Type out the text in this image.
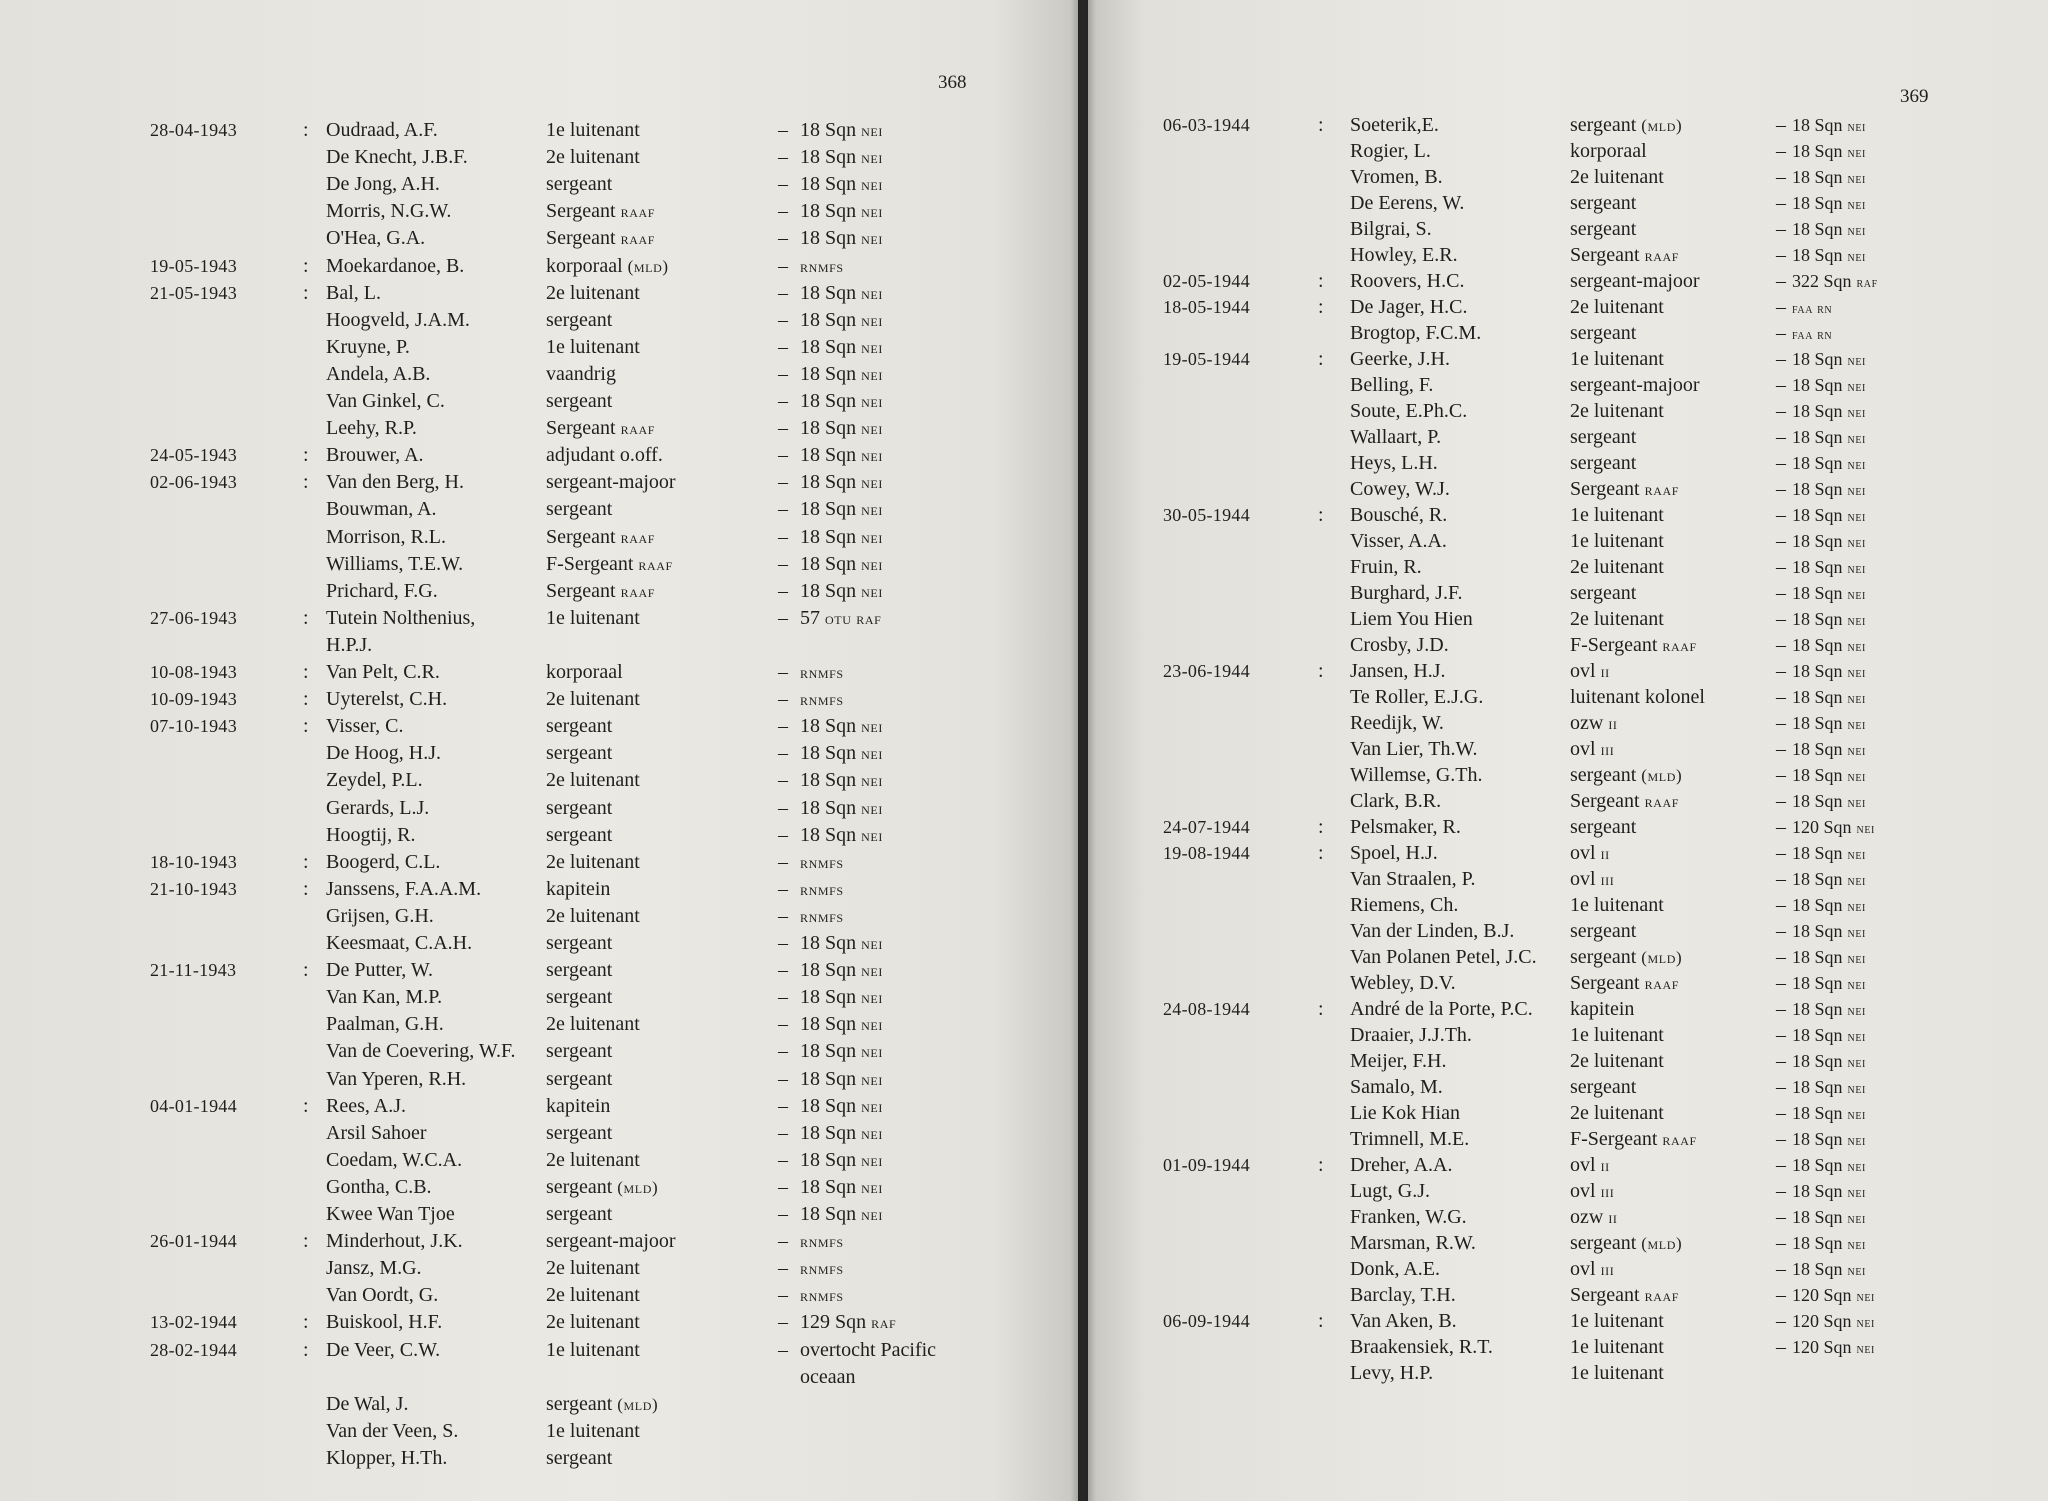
368
28-04-1943	: Oudraad, A.F.	1e luitenant	– 18 Sqn nei
De Knecht, J.B.F.	2e luitenant	– 18 Sqn nei
De Jong, A.H.	sergeant	– 18 Sqn nei
Morris, N.G.W.	Sergeant raaf	– 18 Sqn nei
O'Hea, G.A.	Sergeant raaf	– 18 Sqn nei
19-05-1943	: Moekardanoe, B.	korporaal (mld)	– rnmfs
21-05-1943	: Bal, L.	2e luitenant	– 18 Sqn nei
Hoogveld, J.A.M.	sergeant	– 18 Sqn nei
Kruyne, P.	1e luitenant	– 18 Sqn nei
Andela, A.B.	vaandrig	– 18 Sqn nei
Van Ginkel, C.	sergeant	– 18 Sqn nei
Leehy, R.P.	Sergeant raaf	– 18 Sqn nei
24-05-1943	: Brouwer, A.	adjudant o.off.	– 18 Sqn nei
02-06-1943	: Van den Berg, H.	sergeant-majoor	– 18 Sqn nei
Bouwman, A.	sergeant	– 18 Sqn nei
Morrison, R.L.	Sergeant raaf	– 18 Sqn nei
Williams, T.E.W.	F-Sergeant raaf	– 18 Sqn nei
Prichard, F.G.	Sergeant raaf	– 18 Sqn nei
27-06-1943	: Tutein Nolthenius,	1e luitenant	– 57 otu raf
H.P.J.
10-08-1943	: Van Pelt, C.R.	korporaal	– rnmfs
10-09-1943	: Uyterelst, C.H.	2e luitenant	– rnmfs
07-10-1943	: Visser, C.	sergeant	– 18 Sqn nei
De Hoog, H.J.	sergeant	– 18 Sqn nei
Zeydel, P.L.	2e luitenant	– 18 Sqn nei
Gerards, L.J.	sergeant	– 18 Sqn nei
Hoogtij, R.	sergeant	– 18 Sqn nei
18-10-1943	: Boogerd, C.L.	2e luitenant	– rnmfs
21-10-1943	: Janssens, F.A.A.M.	kapitein	– rnmfs
Grijsen, G.H.	2e luitenant	– rnmfs
Keesmaat, C.A.H.	sergeant	– 18 Sqn nei
21-11-1943	: De Putter, W.	sergeant	– 18 Sqn nei
Van Kan, M.P.	sergeant	– 18 Sqn nei
Paalman, G.H.	2e luitenant	– 18 Sqn nei
Van de Coevering, W.F. sergeant	– 18 Sqn nei
Van Yperen, R.H.	sergeant	– 18 Sqn nei
04-01-1944	: Rees, A.J.	kapitein	– 18 Sqn nei
Arsil Sahoer	sergeant	– 18 Sqn nei
Coedam, W.C.A.	2e luitenant	– 18 Sqn nei
Gontha, C.B.	sergeant (mld)	– 18 Sqn nei
Kwee Wan Tjoe	sergeant	– 18 Sqn nei
26-01-1944	: Minderhout, J.K.	sergeant-majoor	– rnmfs
Jansz, M.G.	2e luitenant	– rnmfs
Van Oordt, G.	2e luitenant	– rnmfs
13-02-1944	: Buiskool, H.F.	2e luitenant	– 129 Sqn raf
28-02-1944	: De Veer, C.W.	1e luitenant	– overtocht Pacific
oceaan
De Wal, J.	sergeant (mld)
Van der Veen, S.	1e luitenant
Klopper, H.Th.	sergeant
369
06-03-1944	: Soeterik,E.	sergeant (mld)	– 18 Sqn nei
Rogier, L.	korporaal	– 18 Sqn nei
Vromen, B.	2e luitenant	– 18 Sqn nei
De Eerens, W.	sergeant	– 18 Sqn nei
Bilgrai, S.	sergeant	– 18 Sqn nei
Howley, E.R.	Sergeant raaf	– 18 Sqn nei
02-05-1944	: Roovers, H.C.	sergeant-majoor	– 322 Sqn raf
18-05-1944	: De Jager, H.C.	2e luitenant	– faa rn
Brogtop, F.C.M.	sergeant	– faa rn
19-05-1944	: Geerke, J.H.	1e luitenant	– 18 Sqn nei
Belling, F.	sergeant-majoor	– 18 Sqn nei
Soute, E.Ph.C.	2e luitenant	– 18 Sqn nei
Wallaart, P.	sergeant	– 18 Sqn nei
Heys, L.H.	sergeant	– 18 Sqn nei
Cowey, W.J.	Sergeant raaf	– 18 Sqn nei
30-05-1944	: Bousché, R.	1e luitenant	– 18 Sqn nei
Visser, A.A.	1e luitenant	– 18 Sqn nei
Fruin, R.	2e luitenant	– 18 Sqn nei
Burghard, J.F.	sergeant	– 18 Sqn nei
Liem You Hien	2e luitenant	– 18 Sqn nei
Crosby, J.D.	F-Sergeant raaf	– 18 Sqn nei
23-06-1944	: Jansen, H.J.	ovl ii	– 18 Sqn nei
Te Roller, E.J.G.	luitenant kolonel	– 18 Sqn nei
Reedijk, W.	ozw ii	– 18 Sqn nei
Van Lier, Th.W.	ovl iii	– 18 Sqn nei
Willemse, G.Th.	sergeant (mld)	– 18 Sqn nei
Clark, B.R.	Sergeant raaf	– 18 Sqn nei
24-07-1944	: Pelsmaker, R.	sergeant	– 120 Sqn nei
19-08-1944	: Spoel, H.J.	ovl ii	– 18 Sqn nei
Van Straalen, P.	ovl iii	– 18 Sqn nei
Riemens, Ch.	1e luitenant	– 18 Sqn nei
Van der Linden, B.J.	sergeant	– 18 Sqn nei
Van Polanen Petel, J.C. sergeant (mld)	– 18 Sqn nei
Webley, D.V.	Sergeant raaf	– 18 Sqn nei
24-08-1944	: André de la Porte, P.C. kapitein	– 18 Sqn nei
Draaier, J.J.Th.	1e luitenant	– 18 Sqn nei
Meijer, F.H.	2e luitenant	– 18 Sqn nei
Samalo, M.	sergeant	– 18 Sqn nei
Lie Kok Hian	2e luitenant	– 18 Sqn nei
Trimnell, M.E.	F-Sergeant raaf	– 18 Sqn nei
01-09-1944	: Dreher, A.A.	ovl ii	– 18 Sqn nei
Lugt, G.J.	ovl iii	– 18 Sqn nei
Franken, W.G.	ozw ii	– 18 Sqn nei
Marsman, R.W.	sergeant (mld)	– 18 Sqn nei
Donk, A.E.	ovl iii	– 18 Sqn nei
Barclay, T.H.	Sergeant raaf	– 120 Sqn nei
06-09-1944	: Van Aken, B.	1e luitenant	– 120 Sqn nei
Braakensiek, R.T.	1e luitenant	– 120 Sqn nei
Levy, H.P.	1e luitenant
